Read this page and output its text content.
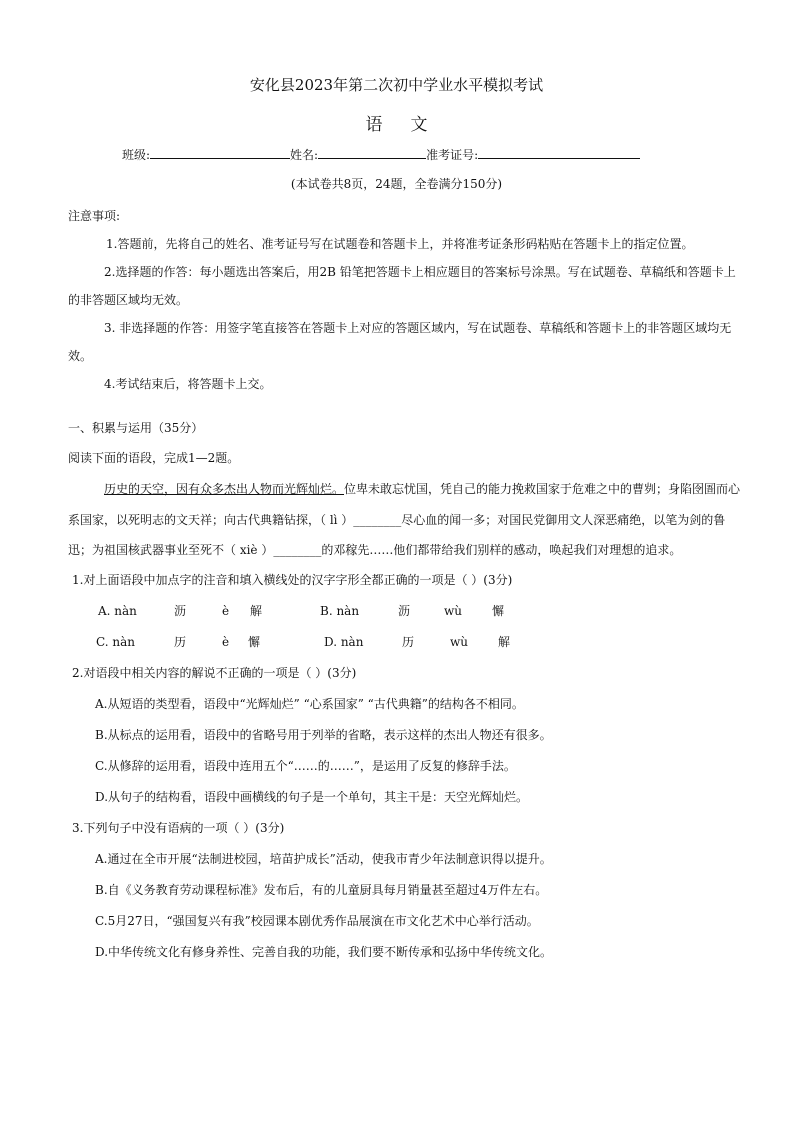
安化县2023年第二次初中学业水平模拟考试
语 文
班级:	姓名:	准考证号:
(本试卷共8页，24题，全卷满分150分)
注意事项:
1.答题前，先将自己的姓名、准考证号写在试题卷和答题卡上，并将准考证条形码粘贴在答题卡上的指定位置。
2.选择题的作答：每小题选出答案后，用2B 铅笔把答题卡上相应题目的答案标号涂黑。写在试题卷、草稿纸和答题卡上
的非答题区域均无效。
3. 非选择题的作答：用签字笔直接答在答题卡上对应的答题区域内，写在试题卷、草稿纸和答题卡上的非答题区域均无
效。
4.考试结束后，将答题卡上交。
一、积累与运用（35分）
阅读下面的语段，完成1—2题。
历史的天空，因有众多杰出人物而光辉灿烂。位卑未敢忘忧国，凭自己的能力挽救国家于危难之中的曹刿；身陷囹圄而心
系国家，以死明志的文天祥；向古代典籍钻探，（ lì ）________尽心血的闻一多；对国民党御用文人深恶痛绝，以笔为剑的鲁
迅；为祖国核武器事业至死不（ xiè ）________的邓稼先……他们都带给我们别样的感动，唤起我们对理想的追求。
1.对上面语段中加点字的注音和填入横线处的汉字字形全都正确的一项是（ ）(3分)
A. nàn	沥	è 解	B. nàn	沥	wù	懈
C. nàn	历	è 懈	D. nàn	历	wù	解
2.对语段中相关内容的解说不正确的一项是（ ）(3分)
A.从短语的类型看，语段中“光辉灿烂” “心系国家” “古代典籍”的结构各不相同。
B.从标点的运用看，语段中的省略号用于列举的省略，表示这样的杰出人物还有很多。
C.从修辞的运用看，语段中连用五个“……的……”，是运用了反复的修辞手法。
D.从句子的结构看，语段中画横线的句子是一个单句，其主干是：天空光辉灿烂。
3.下列句子中没有语病的一项（ ）(3分)
A.通过在全市开展“法制进校园，培苗护成长”活动，使我市青少年法制意识得以提升。
B.自《义务教育劳动课程标准》发布后，有的儿童厨具每月销量甚至超过4万件左右。
C.5月27日，“强国复兴有我”校园课本剧优秀作品展演在市文化艺术中心举行活动。
D.中华传统文化有修身养性、完善自我的功能，我们要不断传承和弘扬中华传统文化。
